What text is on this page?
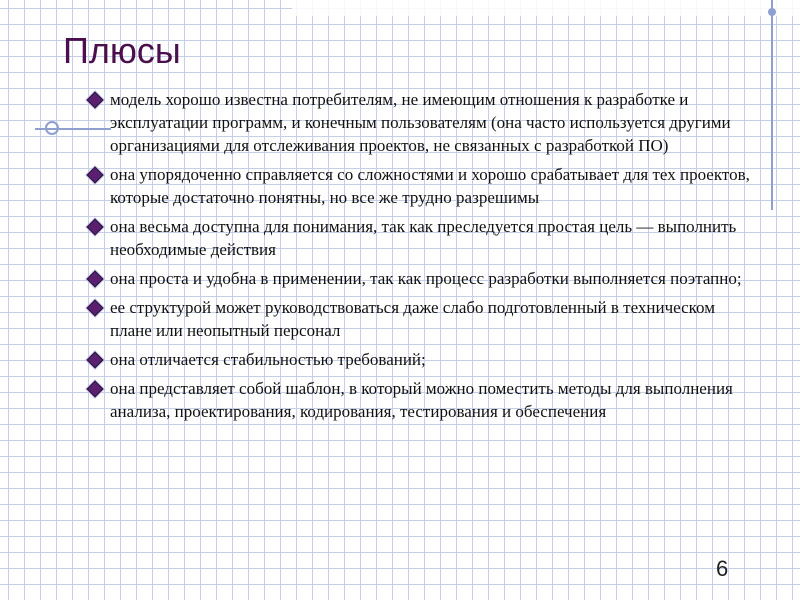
Плюсы
модель хорошо известна потребителям, не имеющим отношения к разработке и эксплуатации программ, и конечным пользователям (она часто используется другими организациями для отслеживания проектов, не связанных с разработкой ПО)
она упорядоченно справляется со сложностями и хорошо срабатывает для тех проектов, которые достаточно понятны, но все же трудно разрешимы
она весьма доступна для понимания, так как преследуется простая цель — выполнить необходимые действия
она проста и удобна в применении, так как процесс разработки выполняется поэтапно;
ее структурой может руководствоваться даже слабо подготовленный в техническом плане или неопытный персонал
она отличается стабильностью требований;
она представляет собой шаблон, в который можно поместить методы для выполнения анализа, проектирования, кодирования, тестирования и обеспечения
6
